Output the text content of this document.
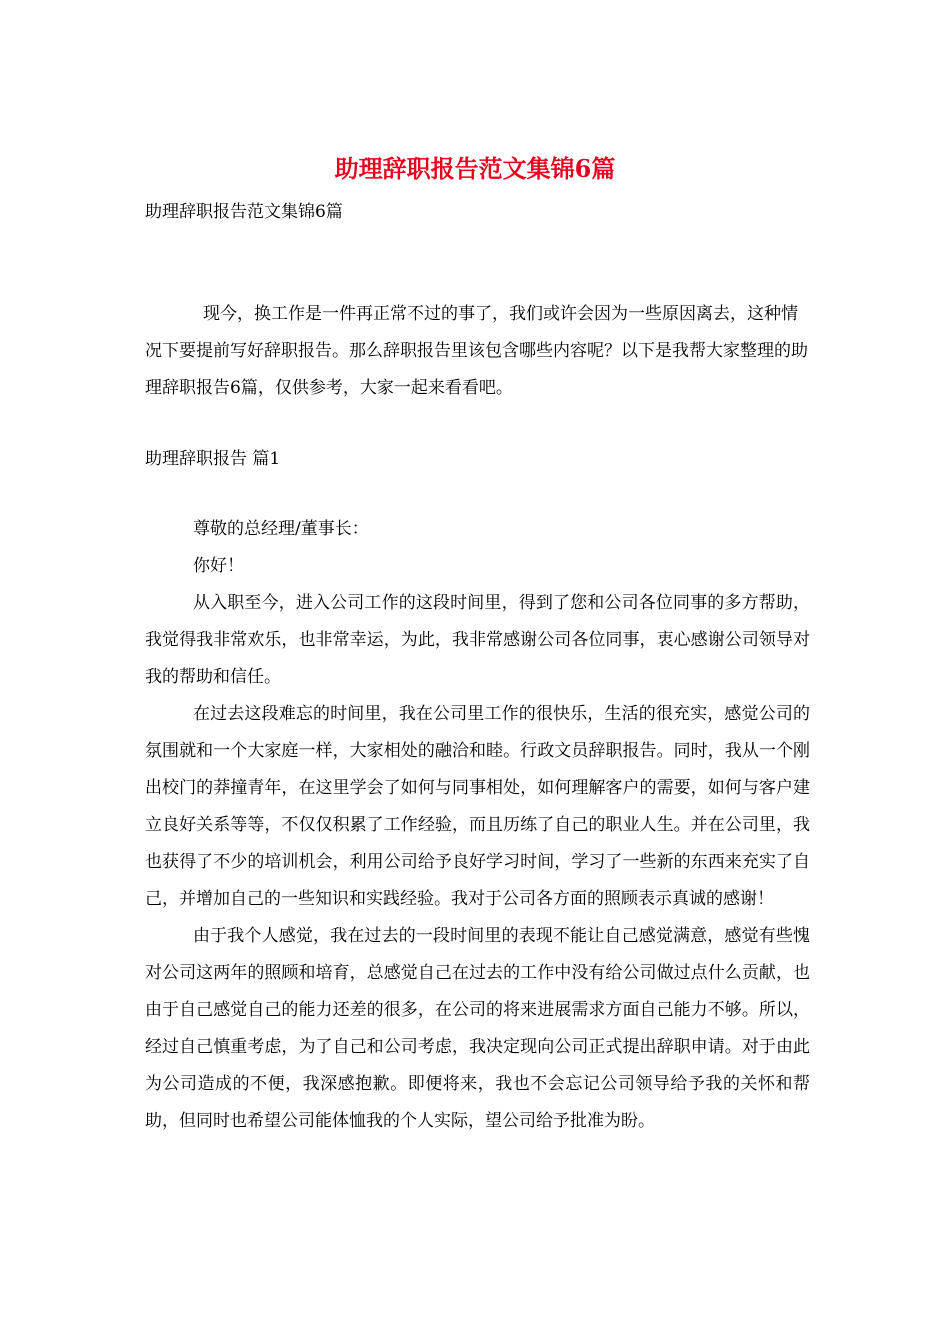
助理辞职报告范文集锦6篇
助理辞职报告范文集锦6篇

现今，换工作是一件再正常不过的事了，我们或许会因为一些原因离去，这种情况下要提前写好辞职报告。那么辞职报告里该包含哪些内容呢？以下是我帮大家整理的助理辞职报告6篇，仅供参考，大家一起来看看吧。

助理辞职报告 篇1

尊敬的总经理/董事长：

你好！

从入职至今，进入公司工作的这段时间里，得到了您和公司各位同事的多方帮助，我觉得我非常欢乐，也非常幸运，为此，我非常感谢公司各位同事，衷心感谢公司领导对我的帮助和信任。

在过去这段难忘的时间里，我在公司里工作的很快乐，生活的很充实，感觉公司的氛围就和一个大家庭一样，大家相处的融洽和睦。行政文员辞职报告。同时，我从一个刚出校门的莽撞青年，在这里学会了如何与同事相处，如何理解客户的需要，如何与客户建立良好关系等等，不仅仅积累了工作经验，而且历练了自己的职业人生。并在公司里，我也获得了不少的培训机会，利用公司给予良好学习时间，学习了一些新的东西来充实了自己，并增加自己的一些知识和实践经验。我对于公司各方面的照顾表示真诚的感谢！

由于我个人感觉，我在过去的一段时间里的表现不能让自己感觉满意，感觉有些愧对公司这两年的照顾和培育，总感觉自己在过去的工作中没有给公司做过点什么贡献，也由于自己感觉自己的能力还差的很多，在公司的将来进展需求方面自己能力不够。所以，经过自己慎重考虑，为了自己和公司考虑，我决定现向公司正式提出辞职申请。对于由此为公司造成的不便，我深感抱歉。即便将来，我也不会忘记公司领导给予我的关怀和帮助，但同时也希望公司能体恤我的个人实际，望公司给予批准为盼。
